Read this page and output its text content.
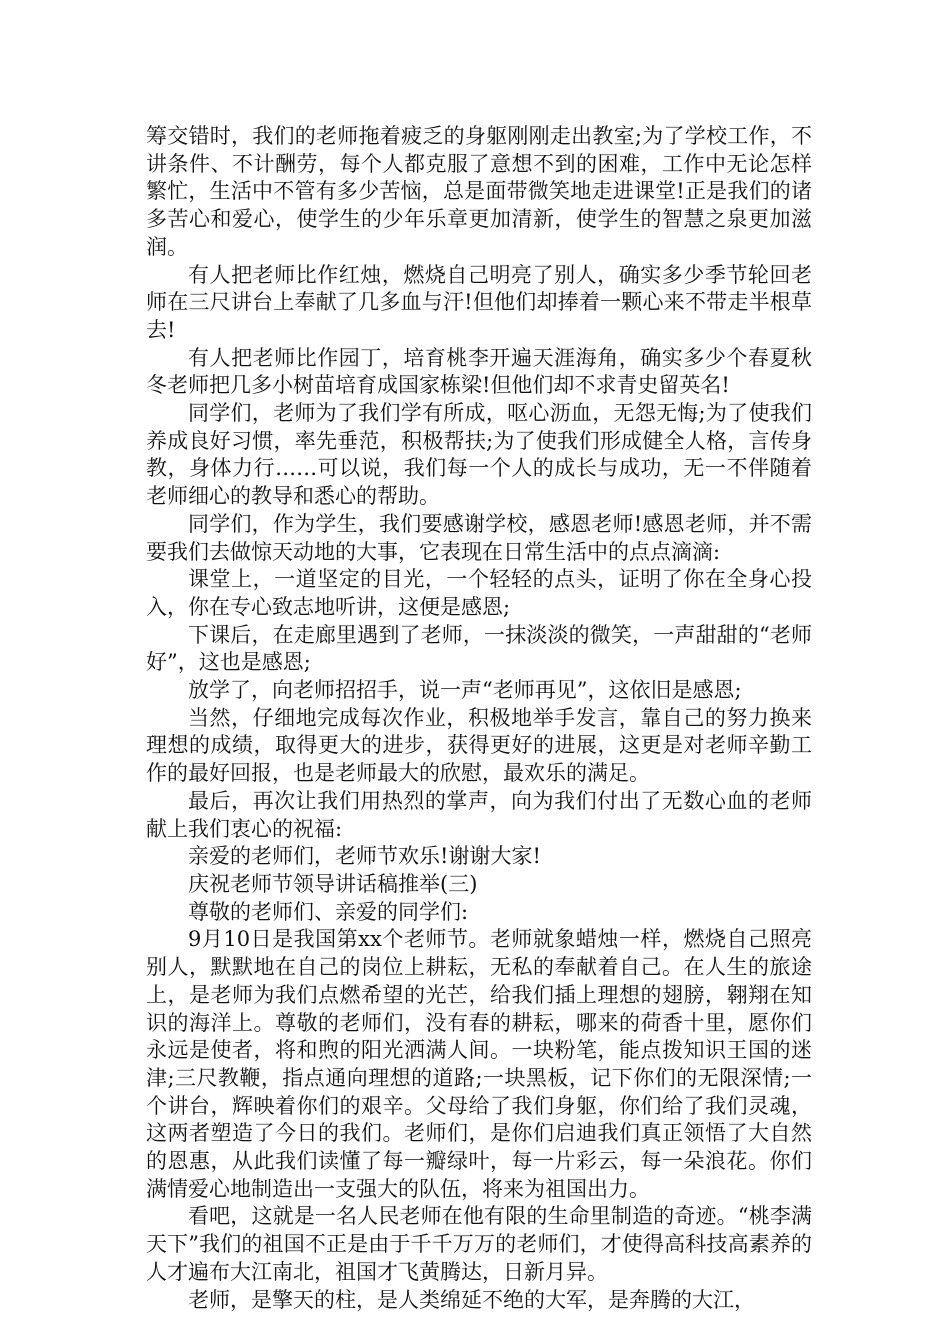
筹交错时，我们的老师拖着疲乏的身躯刚刚走出教室;为了学校工作，不讲条件、不计酬劳，每个人都克服了意想不到的困难，工作中无论怎样繁忙，生活中不管有多少苦恼，总是面带微笑地走进课堂!正是我们的诸多苦心和爱心，使学生的少年乐章更加清新，使学生的智慧之泉更加滋润。

有人把老师比作红烛，燃烧自己明亮了别人，确实多少季节轮回老师在三尺讲台上奉献了几多血与汗!但他们却捧着一颗心来不带走半根草去!

有人把老师比作园丁，培育桃李开遍天涯海角，确实多少个春夏秋冬老师把几多小树苗培育成国家栋梁!但他们却不求青史留英名!

同学们，老师为了我们学有所成，呕心沥血，无怨无悔;为了使我们养成良好习惯，率先垂范，积极帮扶;为了使我们形成健全人格，言传身教，身体力行……可以说，我们每一个人的成长与成功，无一不伴随着老师细心的教导和悉心的帮助。

同学们，作为学生，我们要感谢学校，感恩老师!感恩老师，并不需要我们去做惊天动地的大事，它表现在日常生活中的点点滴滴:

课堂上，一道坚定的目光，一个轻轻的点头，证明了你在全身心投入，你在专心致志地听讲，这便是感恩;

下课后，在走廊里遇到了老师，一抹淡淡的微笑，一声甜甜的“老师好”，这也是感恩;

放学了，向老师招招手，说一声“老师再见”，这依旧是感恩;

当然，仔细地完成每次作业，积极地举手发言，靠自己的努力换来理想的成绩，取得更大的进步，获得更好的进展，这更是对老师辛勤工作的最好回报，也是老师最大的欣慰，最欢乐的满足。

最后，再次让我们用热烈的掌声，向为我们付出了无数心血的老师献上我们衷心的祝福:

亲爱的老师们，老师节欢乐!谢谢大家!

庆祝老师节领导讲话稿推举(三)

尊敬的老师们、亲爱的同学们:

9月10日是我国第xx个老师节。老师就象蜡烛一样，燃烧自己照亮别人，默默地在自己的岗位上耕耘，无私的奉献着自己。在人生的旅途上，是老师为我们点燃希望的光芒，给我们插上理想的翅膀，翱翔在知识的海洋上。尊敬的老师们，没有春的耕耘，哪来的荷香十里，愿你们永远是使者，将和煦的阳光洒满人间。一块粉笔，能点拨知识王国的迷津;三尺教鞭，指点通向理想的道路;一块黑板，记下你们的无限深情;一个讲台，辉映着你们的艰辛。父母给了我们身躯，你们给了我们灵魂，这两者塑造了今日的我们。老师们，是你们启迪我们真正领悟了大自然的恩惠，从此我们读懂了每一瓣绿叶，每一片彩云，每一朵浪花。你们满情爱心地制造出一支强大的队伍，将来为祖国出力。

看吧，这就是一名人民老师在他有限的生命里制造的奇迹。“桃李满天下”我们的祖国不正是由于千千万万的老师们，才使得高科技高素养的人才遍布大江南北，祖国才飞黄腾达，日新月异。

老师，是擎天的柱，是人类绵延不绝的大军，是奔腾的大江，
